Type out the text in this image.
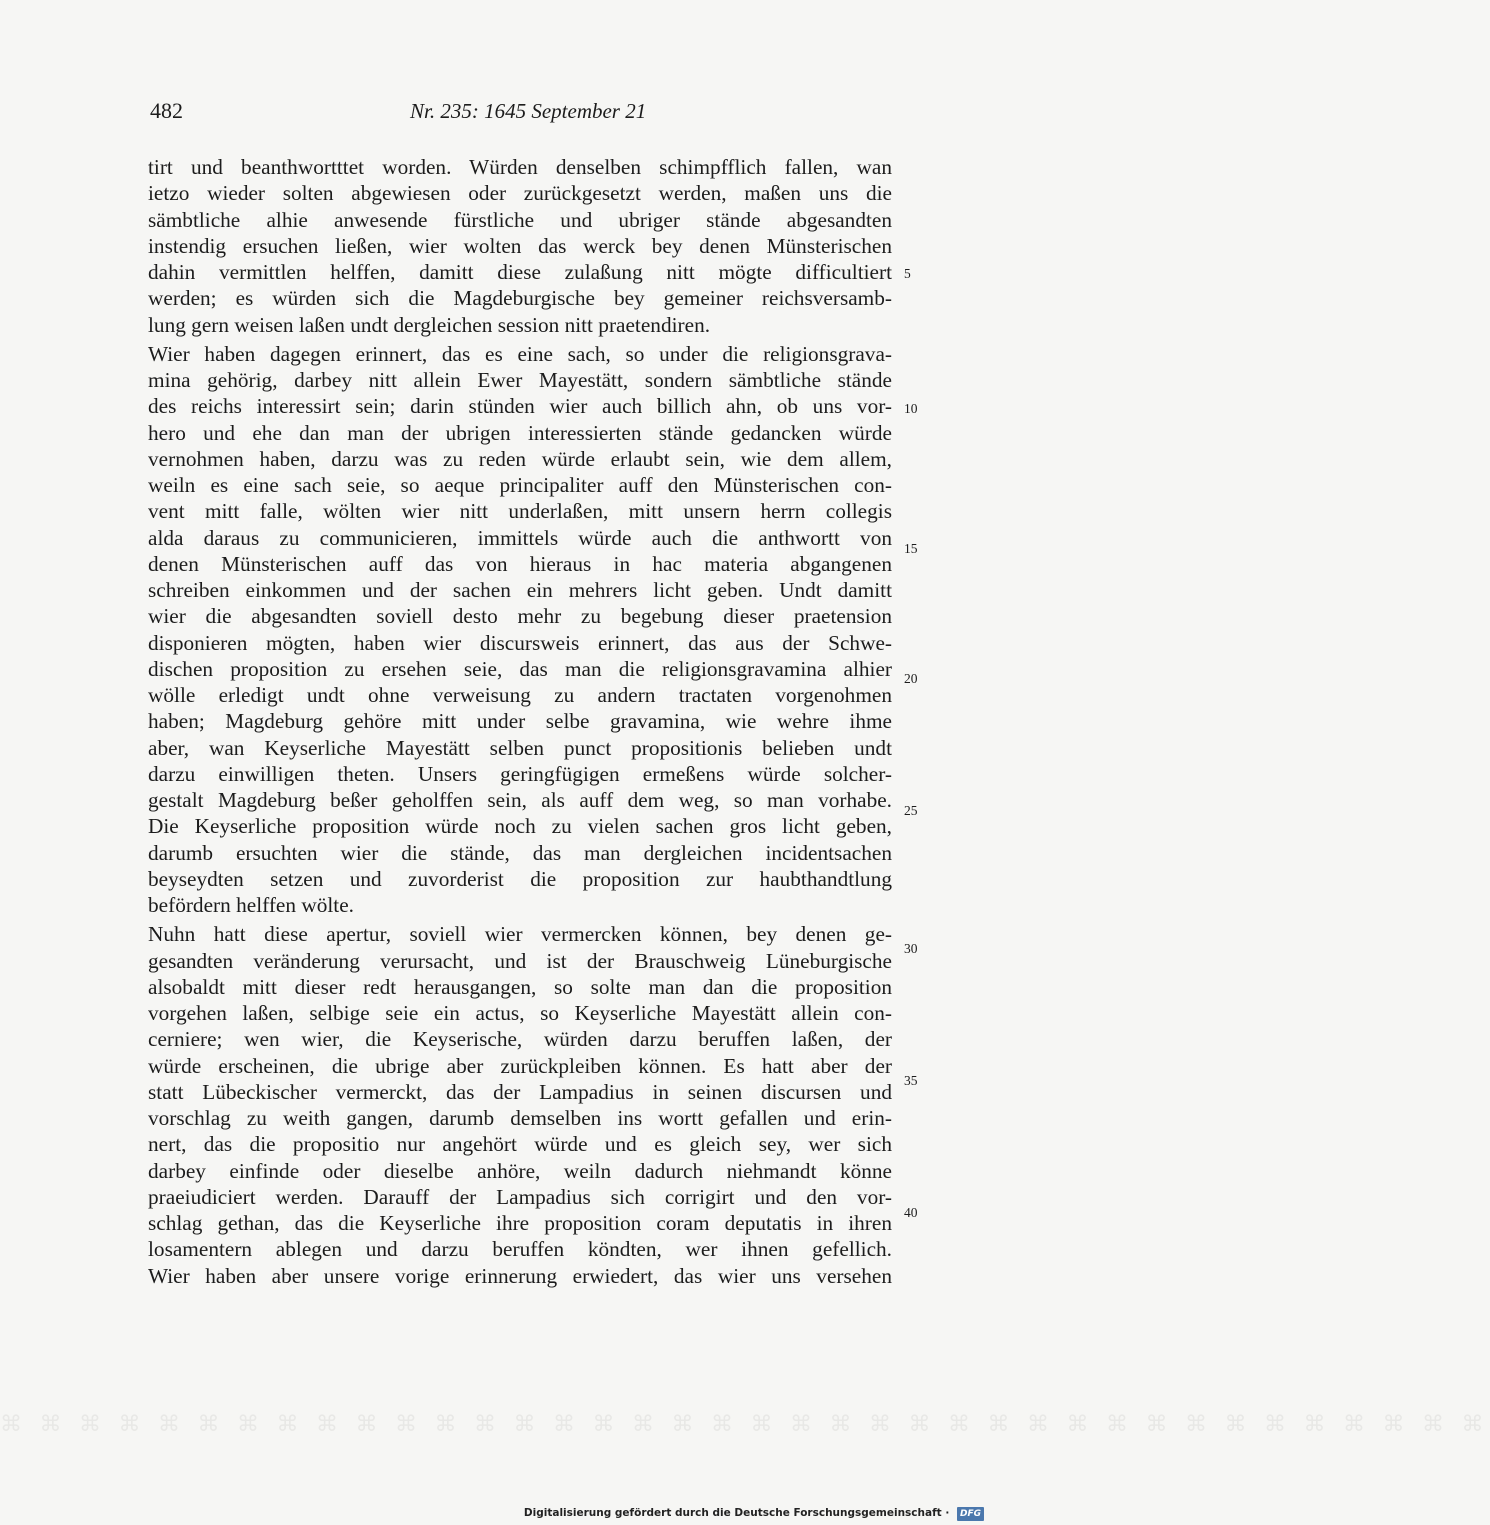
482	Nr. 235: 1645 September 21
tirt und beanthwortttet worden. Würden denselben schimpfflich fallen, wan
ietzo wieder solten abgewiesen oder zurückgesetzt werden, maßen uns die
sämbtliche alhie anwesende fürstliche und ubriger stände abgesandten
instendig ersuchen ließen, wier wolten das werck bey denen Münsterischen
dahin vermittlen helffen, damitt diese zulaßung nitt mögte difficultiert
werden; es würden sich die Magdeburgische bey gemeiner reichsversamb-
lung gern weisen laßen undt dergleichen session nitt praetendiren.
Wier haben dagegen erinnert, das es eine sach, so under die religionsgrava-
mina gehörig, darbey nitt allein Ewer Mayestätt, sondern sämbtliche stände
des reichs interessirt sein; darin stünden wier auch billich ahn, ob uns vor-
hero und ehe dan man der ubrigen interessierten stände gedancken würde
vernohmen haben, darzu was zu reden würde erlaubt sein, wie dem allem,
weiln es eine sach seie, so aeque principaliter auff den Münsterischen con-
vent mitt falle, wölten wier nitt underlaßen, mitt unsern herrn collegis
alda daraus zu communicieren, immittels würde auch die anthwortt von
denen Münsterischen auff das von hieraus in hac materia abgangenen
schreiben einkommen und der sachen ein mehrers licht geben. Undt damitt
wier die abgesandten soviell desto mehr zu begebung dieser praetension
disponieren mögten, haben wier discursweis erinnert, das aus der Schwe-
dischen proposition zu ersehen seie, das man die religionsgravamina alhier
wölle erledigt undt ohne verweisung zu andern tractaten vorgenohmen
haben; Magdeburg gehöre mitt under selbe gravamina, wie wehre ihme
aber, wan Keyserliche Mayestätt selben punct propositionis belieben undt
darzu einwilligen theten. Unsers geringfügigen ermeßens würde solcher-
gestalt Magdeburg beßer geholffen sein, als auff dem weg, so man vorhabe.
Die Keyserliche proposition würde noch zu vielen sachen gros licht geben,
darumb ersuchten wier die stände, das man dergleichen incidentsachen
beyseydten setzen und zuvorderist die proposition zur haubthandtlung
befördern helffen wölte.
Nuhn hatt diese apertur, soviell wier vermercken können, bey denen ge-
gesandten veränderung verursacht, und ist der Brauschweig Lüneburgische
alsobaldt mitt dieser redt herausgangen, so solte man dan die proposition
vorgehen laßen, selbige seie ein actus, so Keyserliche Mayestätt allein con-
cerniere; wen wier, die Keyserische, würden darzu beruffen laßen, der
würde erscheinen, die ubrige aber zurückpleiben können. Es hatt aber der
statt Lübeckischer vermerckt, das der Lampadius in seinen discursen und
vorschlag zu weith gangen, darumb demselben ins wortt gefallen und erin-
nert, das die propositio nur angehört würde und es gleich sey, wer sich
darbey einfinde oder dieselbe anhöre, weiln dadurch niehmandt könne
praeiudiciert werden. Darauff der Lampadius sich corrigirt und den vor-
schlag gethan, das die Keyserliche ihre proposition coram deputatis in ihren
losamentern ablegen und darzu beruffen köndten, wer ihnen gefellich.
Wier haben aber unsere vorige erinnerung erwiedert, das wier uns versehen
5
10
15
20
25
30
35
40
⌘ ⌘ ⌘ ⌘ ⌘ ⌘ ⌘ ⌘ ⌘ ⌘ ⌘ ⌘ ⌘ ⌘ ⌘ ⌘ ⌘ ⌘ ⌘ ⌘ ⌘ ⌘ ⌘ ⌘ ⌘ ⌘ ⌘ ⌘ ⌘ ⌘ ⌘ ⌘ ⌘ ⌘ ⌘ ⌘ ⌘ ⌘
Digitalisierung gefördert durch die Deutsche Forschungsgemeinschaft · DFG
